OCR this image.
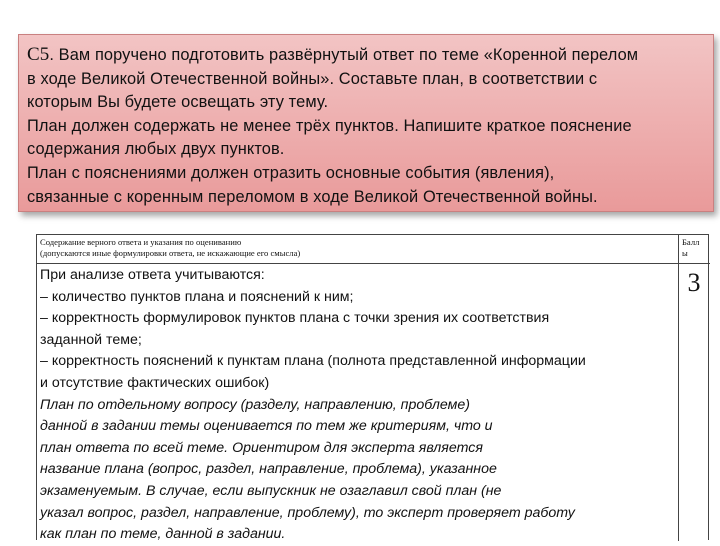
C5. Вам поручено подготовить развёрнутый ответ по теме «Коренной перелом
в ходе Великой Отечественной войны». Составьте план, в соответствии с
которым Вы будете освещать эту тему.
План должен содержать не менее трёх пунктов. Напишите краткое пояснение
содержания любых двух пунктов.
План с пояснениями должен отразить основные события (явления),
связанные с коренным переломом в ходе Великой Отечественной войны.
Содержание верного ответа и указания по оцениванию
(допускаются иные формулировки ответа, не искажающие его смысла)
Балл
ы
3
При анализе ответа учитываются:
– количество пунктов плана и пояснений к ним;
– корректность формулировок пунктов плана с точки зрения их соответствия
заданной теме;
– корректность пояснений к пунктам плана (полнота представленной информации
и отсутствие фактических ошибок)
План по отдельному вопросу (разделу, направлению, проблеме)
данной в задании темы оценивается по тем же критериям, что и
план ответа по всей теме. Ориентиром для эксперта является
название плана (вопрос, раздел, направление, проблема), указанное
экзаменуемым. В случае, если выпускник не озаглавил свой план (не
указал вопрос, раздел, направление, проблему), то эксперт проверяет работу
как план по теме, данной в задании.
